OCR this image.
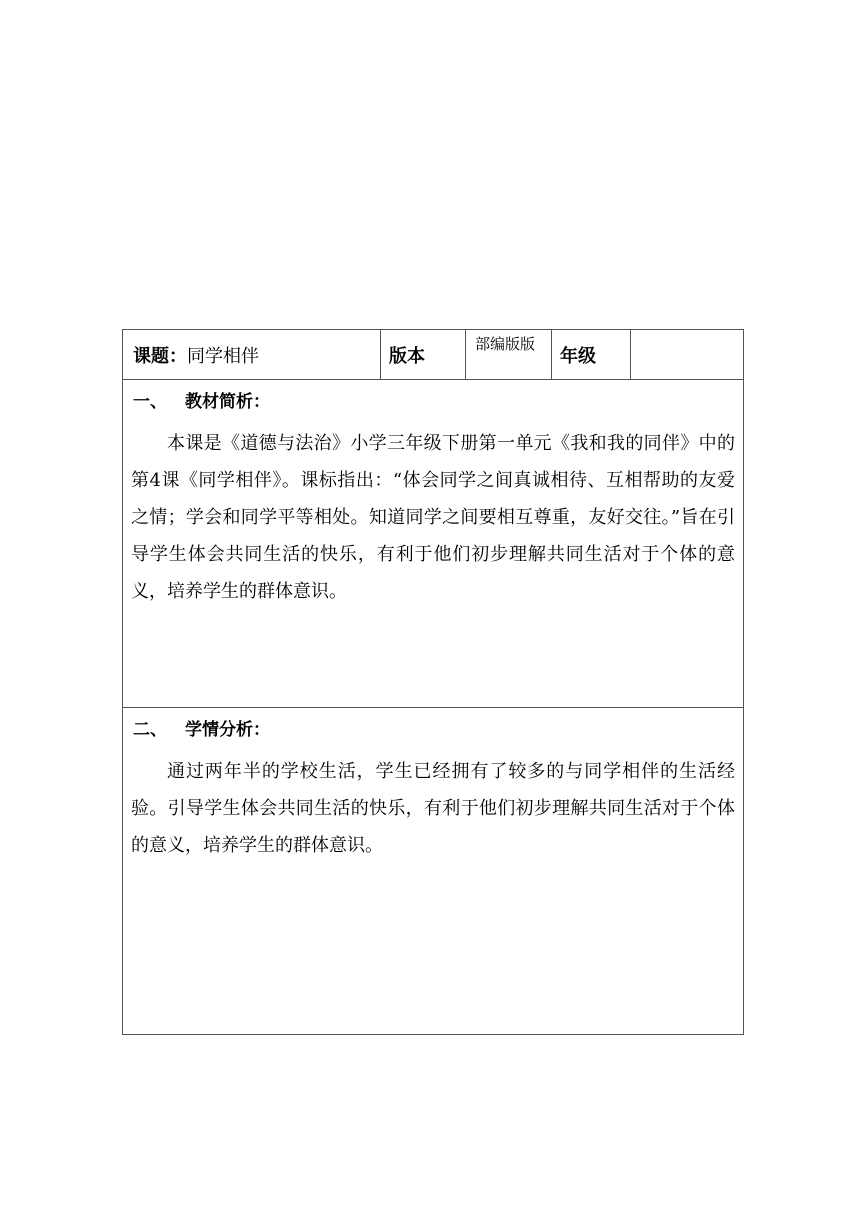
课题：同学相伴	版本	部编版版	年级	

一、 教材简析：

本课是《道德与法治》小学三年级下册第一单元《我和我的同伴》中的第4课《同学相伴》。课标指出：“体会同学之间真诚相待、互相帮助的友爱之情；学会和同学平等相处。知道同学之间要相互尊重，友好交往。”旨在引导学生体会共同生活的快乐，有利于他们初步理解共同生活对于个体的意义，培养学生的群体意识。

二、 学情分析：

通过两年半的学校生活，学生已经拥有了较多的与同学相伴的生活经验。引导学生体会共同生活的快乐，有利于他们初步理解共同生活对于个体的意义，培养学生的群体意识。
